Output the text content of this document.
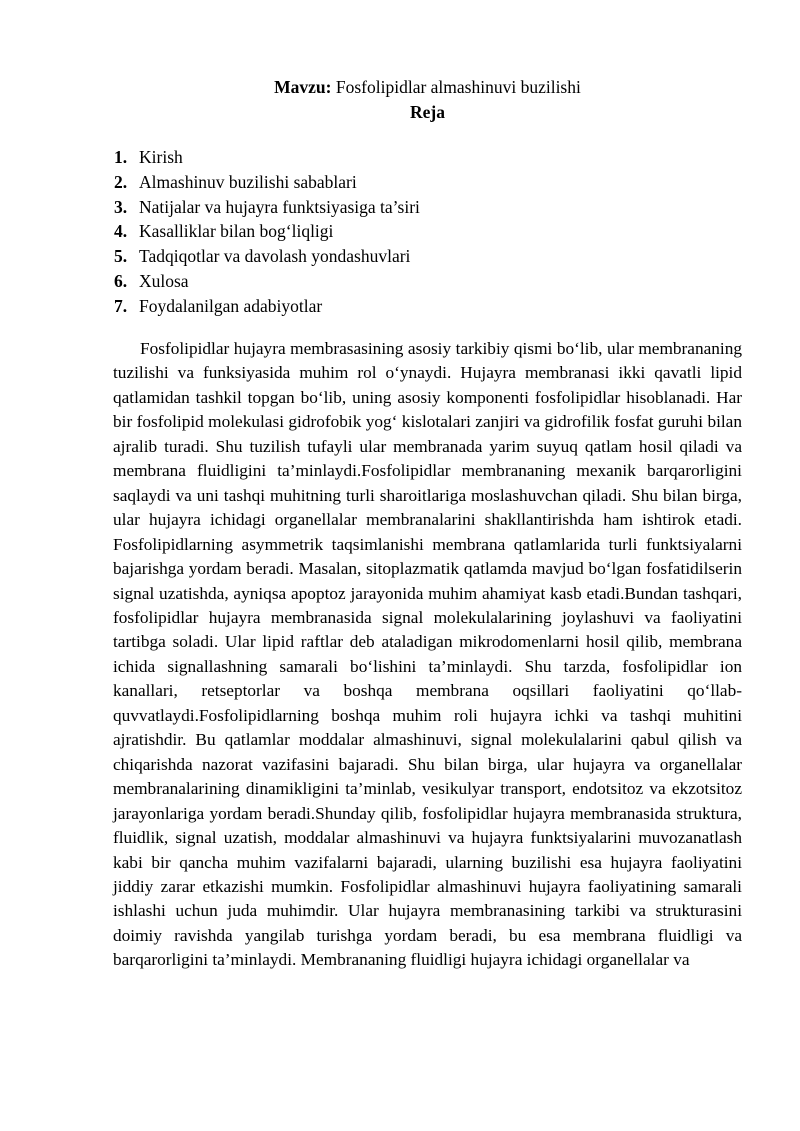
Mavzu: Fosfolipidlar almashinuvi buzilishi
Reja
1. Kirish
2. Almashinuv buzilishi sabablari
3. Natijalar va hujayra funktsiyasiga ta’siri
4. Kasalliklar bilan bog‘liqligi
5. Tadqiqotlar va davolash yondashuvlari
6. Xulosa
7. Foydalanilgan adabiyotlar

Fosfolipidlar hujayra membrasasining asosiy tarkibiy qismi bo‘lib, ular membrananing tuzilishi va funksiyasida muhim rol o‘ynaydi. Hujayra membranasi ikki qavatli lipid qatlamidan tashkil topgan bo‘lib, uning asosiy komponenti fosfolipidlar hisoblanadi. Har bir fosfolipid molekulasi gidrofobik yog‘ kislotalari zanjiri va gidrofilik fosfat guruhi bilan ajralib turadi. Shu tuzilish tufayli ular membranada yarim suyuq qatlam hosil qiladi va membrana fluidligini ta’minlaydi.Fosfolipidlar membrananing mexanik barqarorligini saqlaydi va uni tashqi muhitning turli sharoitlariga moslashuvchan qiladi. Shu bilan birga, ular hujayra ichidagi organellalar membranalarini shakllantirishda ham ishtirok etadi. Fosfolipidlarning asymmetrik taqsimlanishi membrana qatlamlarida turli funktsiyalarni bajarishga yordam beradi. Masalan, sitoplazmatik qatlamda mavjud bo‘lgan fosfatidilserin signal uzatishda, ayniqsa apoptoz jarayonida muhim ahamiyat kasb etadi.Bundan tashqari, fosfolipidlar hujayra membranasida signal molekulalarining joylashuvi va faoliyatini tartibga soladi. Ular lipid raftlar deb ataladigan mikrodomenlarni hosil qilib, membrana ichida signallashning samarali bo‘lishini ta’minlaydi. Shu tarzda, fosfolipidlar ion kanallari, retseptorlar va boshqa membrana oqsillari faoliyatini qo‘llab-quvvatlaydi.Fosfolipidlarning boshqa muhim roli hujayra ichki va tashqi muhitini ajratishdir. Bu qatlamlar moddalar almashinuvi, signal molekulalarini qabul qilish va chiqarishda nazorat vazifasini bajaradi. Shu bilan birga, ular hujayra va organellalar membranalarining dinamikligini ta’minlab, vesikulyar transport, endotsitoz va ekzotsitoz jarayonlariga yordam beradi.Shunday qilib, fosfolipidlar hujayra membranasida struktura, fluidlik, signal uzatish, moddalar almashinuvi va hujayra funktsiyalarini muvozanatlash kabi bir qancha muhim vazifalarni bajaradi, ularning buzilishi esa hujayra faoliyatini jiddiy zarar etkazishi mumkin. Fosfolipidlar almashinuvi hujayra faoliyatining samarali ishlashi uchun juda muhimdir. Ular hujayra membranasining tarkibi va strukturasini doimiy ravishda yangilab turishga yordam beradi, bu esa membrana fluidligi va barqarorligini ta’minlaydi. Membrananing fluidligi hujayra ichidagi organellalar va
